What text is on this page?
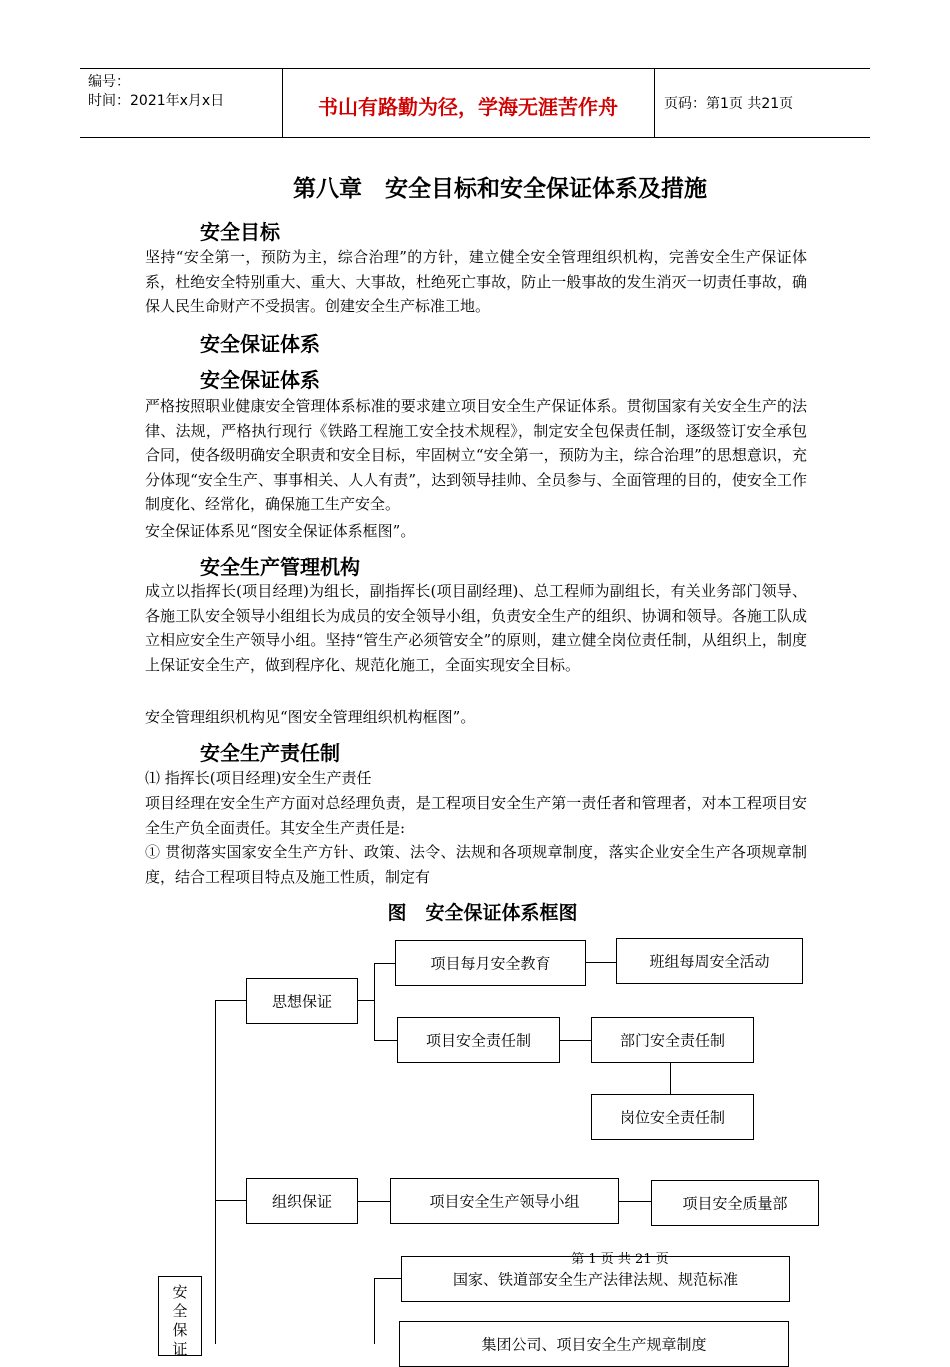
编号：
时间：2021年x月x日	书山有路勤为径，学海无涯苦作舟	页码：第1页 共21页
第八章　安全目标和安全保证体系及措施
安全目标
坚持“安全第一，预防为主，综合治理”的方针，建立健全安全管理组织机构，完善安全生产保证体系，杜绝安全特别重大、重大、大事故，杜绝死亡事故，防止一般事故的发生消灭一切责任事故，确保人民生命财产不受损害。创建安全生产标准工地。
安全保证体系
安全保证体系
严格按照职业健康安全管理体系标准的要求建立项目安全生产保证体系。贯彻国家有关安全生产的法律、法规，严格执行现行《铁路工程施工安全技术规程》，制定安全包保责任制，逐级签订安全承包合同，使各级明确安全职责和安全目标，牢固树立“安全第一，预防为主，综合治理”的思想意识，充分体现“安全生产、事事相关、人人有责”，达到领导挂帅、全员参与、全面管理的目的，使安全工作制度化、经常化，确保施工生产安全。
安全保证体系见“图安全保证体系框图”。
安全生产管理机构
成立以指挥长(项目经理)为组长，副指挥长(项目副经理)、总工程师为副组长，有关业务部门领导、各施工队安全领导小组组长为成员的安全领导小组，负责安全生产的组织、协调和领导。各施工队成立相应安全生产领导小组。坚持“管生产必须管安全”的原则，建立健全岗位责任制，从组织上，制度上保证安全生产，做到程序化、规范化施工，全面实现安全目标。
安全管理组织机构见“图安全管理组织机构框图”。
安全生产责任制
⑴ 指挥长(项目经理)安全生产责任
项目经理在安全生产方面对总经理负责，是工程项目安全生产第一责任者和管理者，对本工程项目安全生产负全面责任。其安全生产责任是:
① 贯彻落实国家安全生产方针、政策、法令、法规和各项规章制度，落实企业安全生产各项规章制度，结合工程项目特点及施工性质，制定有
图　安全保证体系框图
思想保证
项目每月安全教育	班组每周安全活动
项目安全责任制	部门安全责任制
岗位安全责任制
组织保证	项目安全生产领导小组	项目安全质量部
国家、铁道部安全生产法律法规、规范标准
集团公司、项目安全生产规章制度
安全保证
第 1 页 共 21 页
